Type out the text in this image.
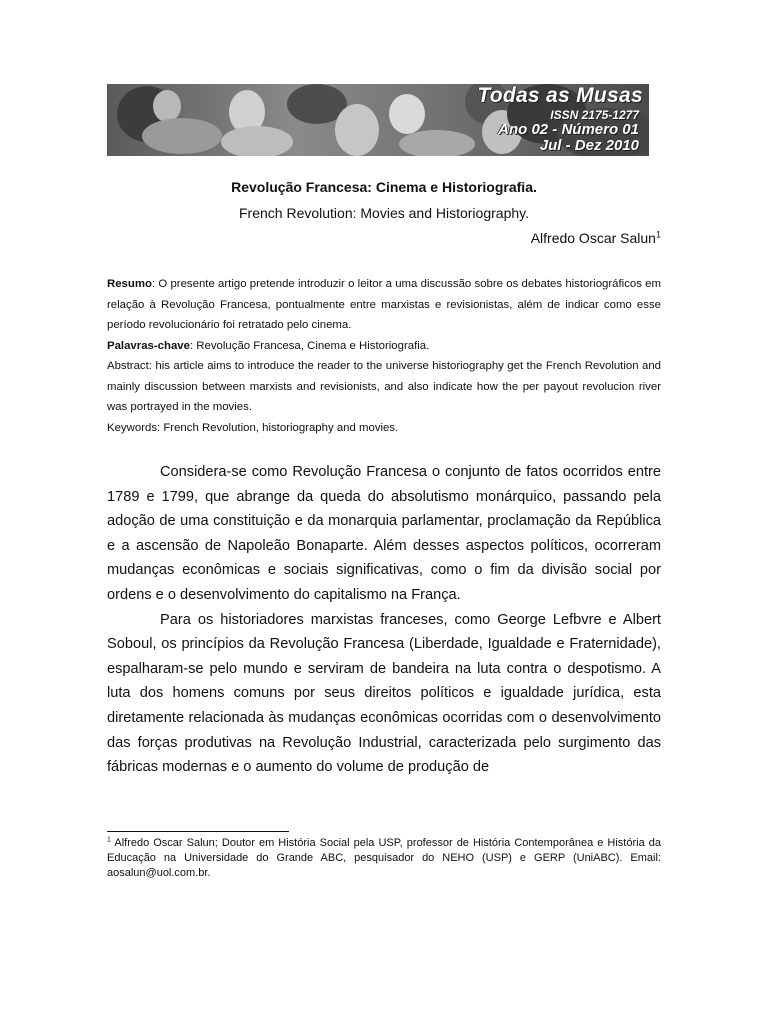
Todas as Musas
ISSN 2175-1277
Ano 02 - Número 01
Jul - Dez 2010
Revolução Francesa: Cinema e Historiografia.
French Revolution: Movies and Historiography.
Alfredo Oscar Salun$^1$

Resumo: O presente artigo pretende introduzir o leitor a uma discussão sobre os debates historiográficos em relação à Revolução Francesa, pontualmente entre marxistas e revisionistas, além de indicar como esse período revolucionário foi retratado pelo cinema.

Palavras-chave: Revolução Francesa, Cinema e Historiografia.

Abstract: his article aims to introduce the reader to the universe historiography get the French Revolution and mainly discussion between marxists and revisionists, and also indicate how the per payout revolucion river was portrayed in the movies.

Keywords: French Revolution, historiography and movies.

Considera-se como Revolução Francesa o conjunto de fatos ocorridos entre 1789 e 1799, que abrange da queda do absolutismo monárquico, passando pela adoção de uma constituição e da monarquia parlamentar, proclamação da República e a ascensão de Napoleão Bonaparte. Além desses aspectos políticos, ocorreram mudanças econômicas e sociais significativas, como o fim da divisão social por ordens e o desenvolvimento do capitalismo na França.

Para os historiadores marxistas franceses, como George Lefbvre e Albert Soboul, os princípios da Revolução Francesa (Liberdade, Igualdade e Fraternidade), espalharam-se pelo mundo e serviram de bandeira na luta contra o despotismo. A luta dos homens comuns por seus direitos políticos e igualdade jurídica, esta diretamente relacionada às mudanças econômicas ocorridas com o desenvolvimento das forças produtivas na Revolução Industrial, caracterizada pelo surgimento das fábricas modernas e o aumento do volume de produção de

$^1$ Alfredo Oscar Salun; Doutor em História Social pela USP, professor de História Contemporânea e História da Educação na Universidade do Grande ABC, pesquisador do NEHO (USP) e GERP (UniABC). Email: aosalun@uol.com.br.
